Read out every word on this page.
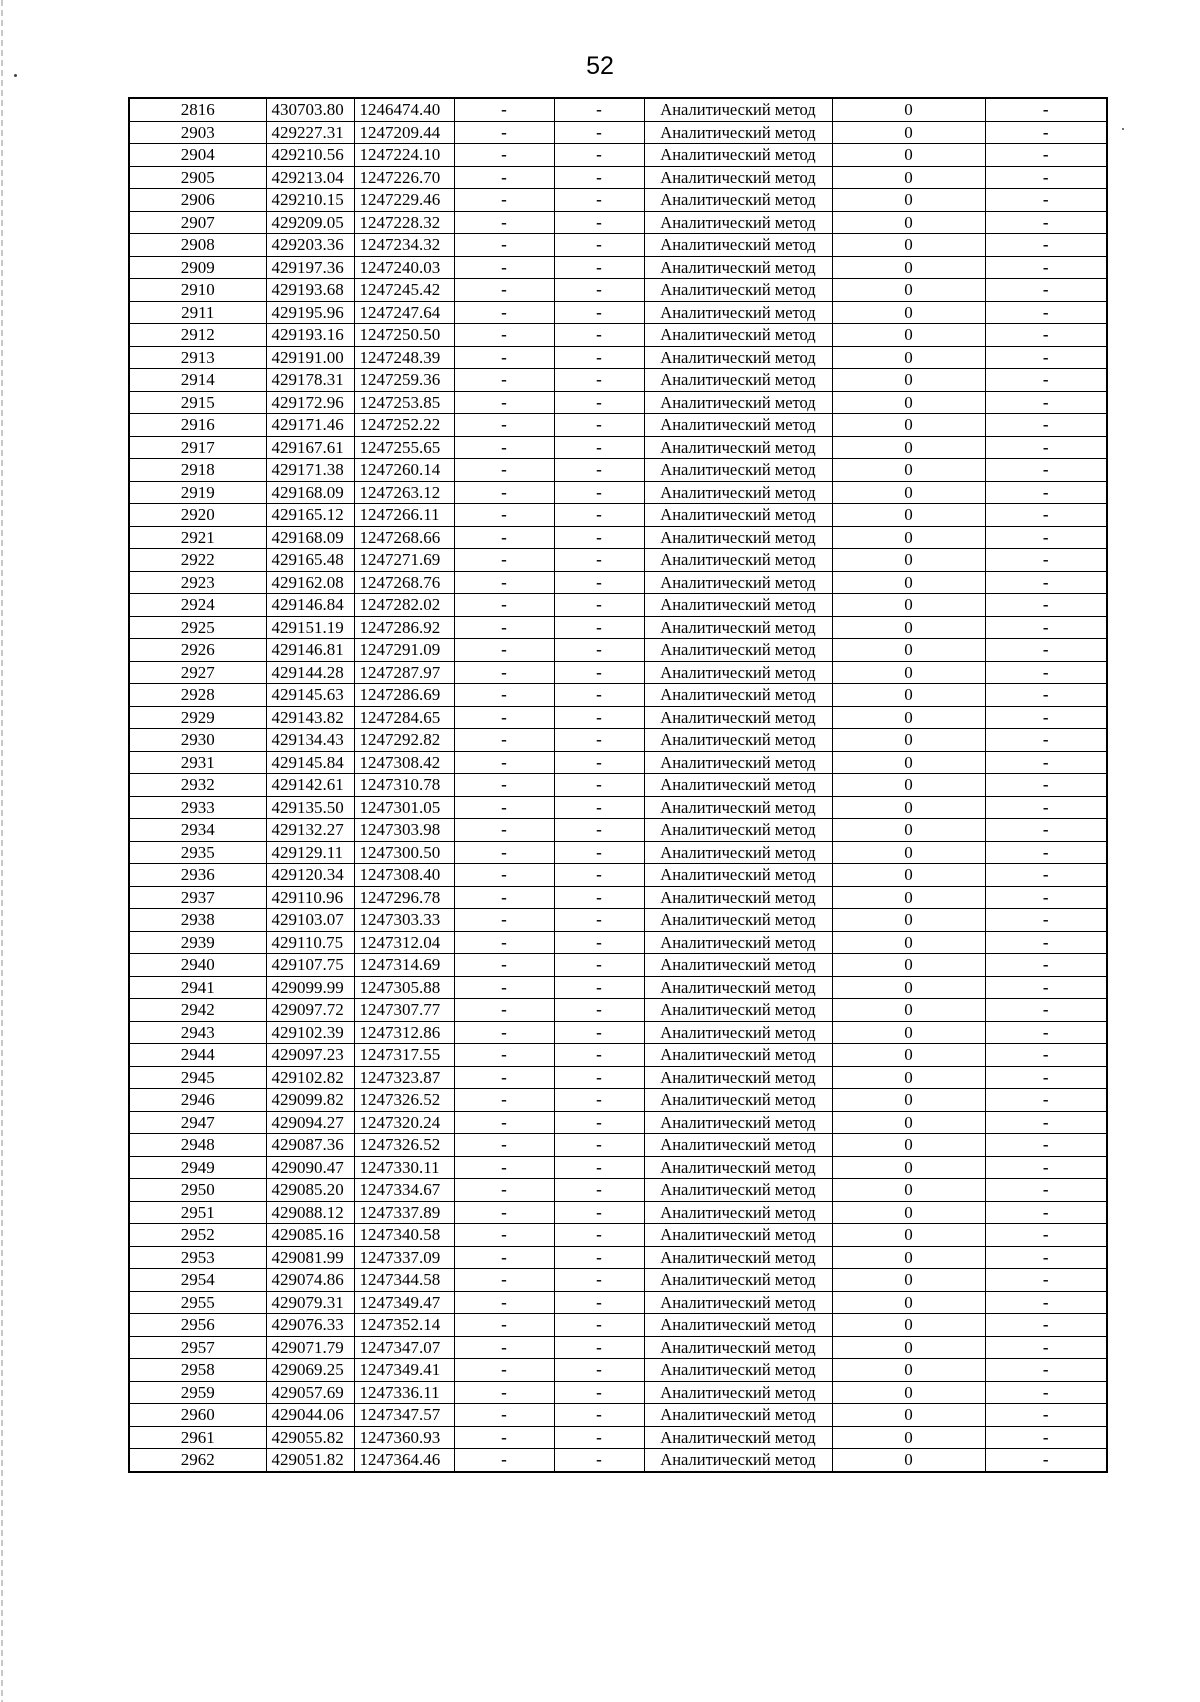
52
2816	430703.80	1246474.40	-	-	Аналитический метод	0	-
2903	429227.31	1247209.44	-	-	Аналитический метод	0	-
2904	429210.56	1247224.10	-	-	Аналитический метод	0	-
2905	429213.04	1247226.70	-	-	Аналитический метод	0	-
2906	429210.15	1247229.46	-	-	Аналитический метод	0	-
2907	429209.05	1247228.32	-	-	Аналитический метод	0	-
2908	429203.36	1247234.32	-	-	Аналитический метод	0	-
2909	429197.36	1247240.03	-	-	Аналитический метод	0	-
2910	429193.68	1247245.42	-	-	Аналитический метод	0	-
2911	429195.96	1247247.64	-	-	Аналитический метод	0	-
2912	429193.16	1247250.50	-	-	Аналитический метод	0	-
2913	429191.00	1247248.39	-	-	Аналитический метод	0	-
2914	429178.31	1247259.36	-	-	Аналитический метод	0	-
2915	429172.96	1247253.85	-	-	Аналитический метод	0	-
2916	429171.46	1247252.22	-	-	Аналитический метод	0	-
2917	429167.61	1247255.65	-	-	Аналитический метод	0	-
2918	429171.38	1247260.14	-	-	Аналитический метод	0	-
2919	429168.09	1247263.12	-	-	Аналитический метод	0	-
2920	429165.12	1247266.11	-	-	Аналитический метод	0	-
2921	429168.09	1247268.66	-	-	Аналитический метод	0	-
2922	429165.48	1247271.69	-	-	Аналитический метод	0	-
2923	429162.08	1247268.76	-	-	Аналитический метод	0	-
2924	429146.84	1247282.02	-	-	Аналитический метод	0	-
2925	429151.19	1247286.92	-	-	Аналитический метод	0	-
2926	429146.81	1247291.09	-	-	Аналитический метод	0	-
2927	429144.28	1247287.97	-	-	Аналитический метод	0	-
2928	429145.63	1247286.69	-	-	Аналитический метод	0	-
2929	429143.82	1247284.65	-	-	Аналитический метод	0	-
2930	429134.43	1247292.82	-	-	Аналитический метод	0	-
2931	429145.84	1247308.42	-	-	Аналитический метод	0	-
2932	429142.61	1247310.78	-	-	Аналитический метод	0	-
2933	429135.50	1247301.05	-	-	Аналитический метод	0	-
2934	429132.27	1247303.98	-	-	Аналитический метод	0	-
2935	429129.11	1247300.50	-	-	Аналитический метод	0	-
2936	429120.34	1247308.40	-	-	Аналитический метод	0	-
2937	429110.96	1247296.78	-	-	Аналитический метод	0	-
2938	429103.07	1247303.33	-	-	Аналитический метод	0	-
2939	429110.75	1247312.04	-	-	Аналитический метод	0	-
2940	429107.75	1247314.69	-	-	Аналитический метод	0	-
2941	429099.99	1247305.88	-	-	Аналитический метод	0	-
2942	429097.72	1247307.77	-	-	Аналитический метод	0	-
2943	429102.39	1247312.86	-	-	Аналитический метод	0	-
2944	429097.23	1247317.55	-	-	Аналитический метод	0	-
2945	429102.82	1247323.87	-	-	Аналитический метод	0	-
2946	429099.82	1247326.52	-	-	Аналитический метод	0	-
2947	429094.27	1247320.24	-	-	Аналитический метод	0	-
2948	429087.36	1247326.52	-	-	Аналитический метод	0	-
2949	429090.47	1247330.11	-	-	Аналитический метод	0	-
2950	429085.20	1247334.67	-	-	Аналитический метод	0	-
2951	429088.12	1247337.89	-	-	Аналитический метод	0	-
2952	429085.16	1247340.58	-	-	Аналитический метод	0	-
2953	429081.99	1247337.09	-	-	Аналитический метод	0	-
2954	429074.86	1247344.58	-	-	Аналитический метод	0	-
2955	429079.31	1247349.47	-	-	Аналитический метод	0	-
2956	429076.33	1247352.14	-	-	Аналитический метод	0	-
2957	429071.79	1247347.07	-	-	Аналитический метод	0	-
2958	429069.25	1247349.41	-	-	Аналитический метод	0	-
2959	429057.69	1247336.11	-	-	Аналитический метод	0	-
2960	429044.06	1247347.57	-	-	Аналитический метод	0	-
2961	429055.82	1247360.93	-	-	Аналитический метод	0	-
2962	429051.82	1247364.46	-	-	Аналитический метод	0	-
